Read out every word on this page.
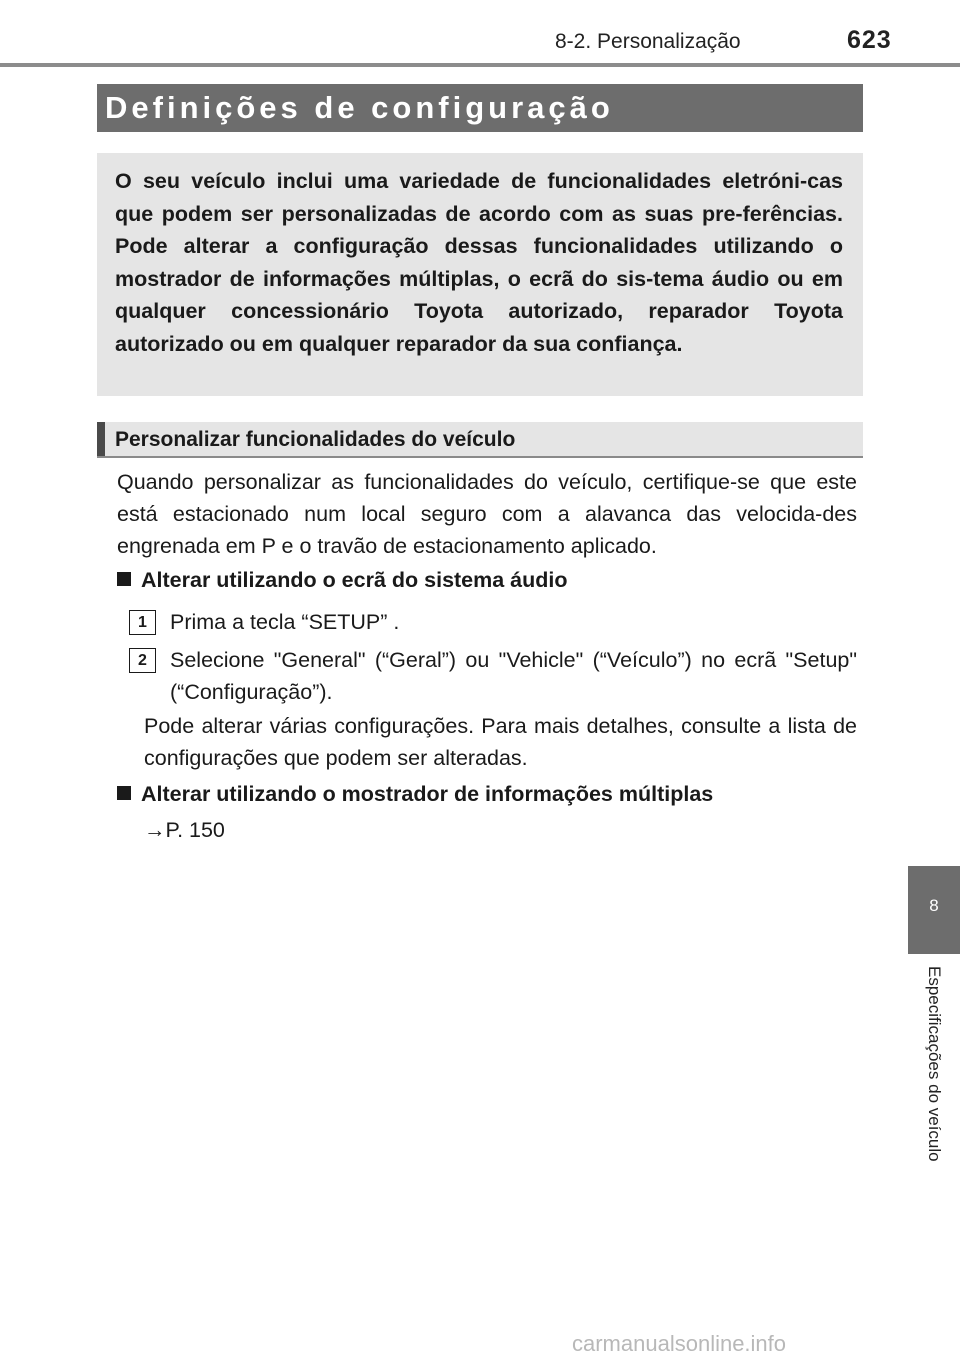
8-2. Personalização	623
Definições de configuração

O seu veículo inclui uma variedade de funcionalidades eletróni-cas que podem ser personalizadas de acordo com as suas pre-ferências. Pode alterar a configuração dessas funcionalidades utilizando o mostrador de informações múltiplas, o ecrã do sis-tema áudio ou em qualquer concessionário Toyota autorizado, reparador Toyota autorizado ou em qualquer reparador da sua confiança.

Personalizar funcionalidades do veículo

Quando personalizar as funcionalidades do veículo, certifique-se que este está estacionado num local seguro com a alavanca das velocida-des engrenada em P e o travão de estacionamento aplicado.

Alterar utilizando o ecrã do sistema áudio
1	Prima a tecla “SETUP” .

2	Selecione "General" (“Geral”) ou "Vehicle" (“Veículo”) no ecrã "Setup" (“Configuração”).

Pode alterar várias configurações. Para mais detalhes, consulte a lista de configurações que podem ser alteradas.

Alterar utilizando o mostrador de informações múltiplas
→P. 150
8
Especificações do veículo
carmanualsonline.info
